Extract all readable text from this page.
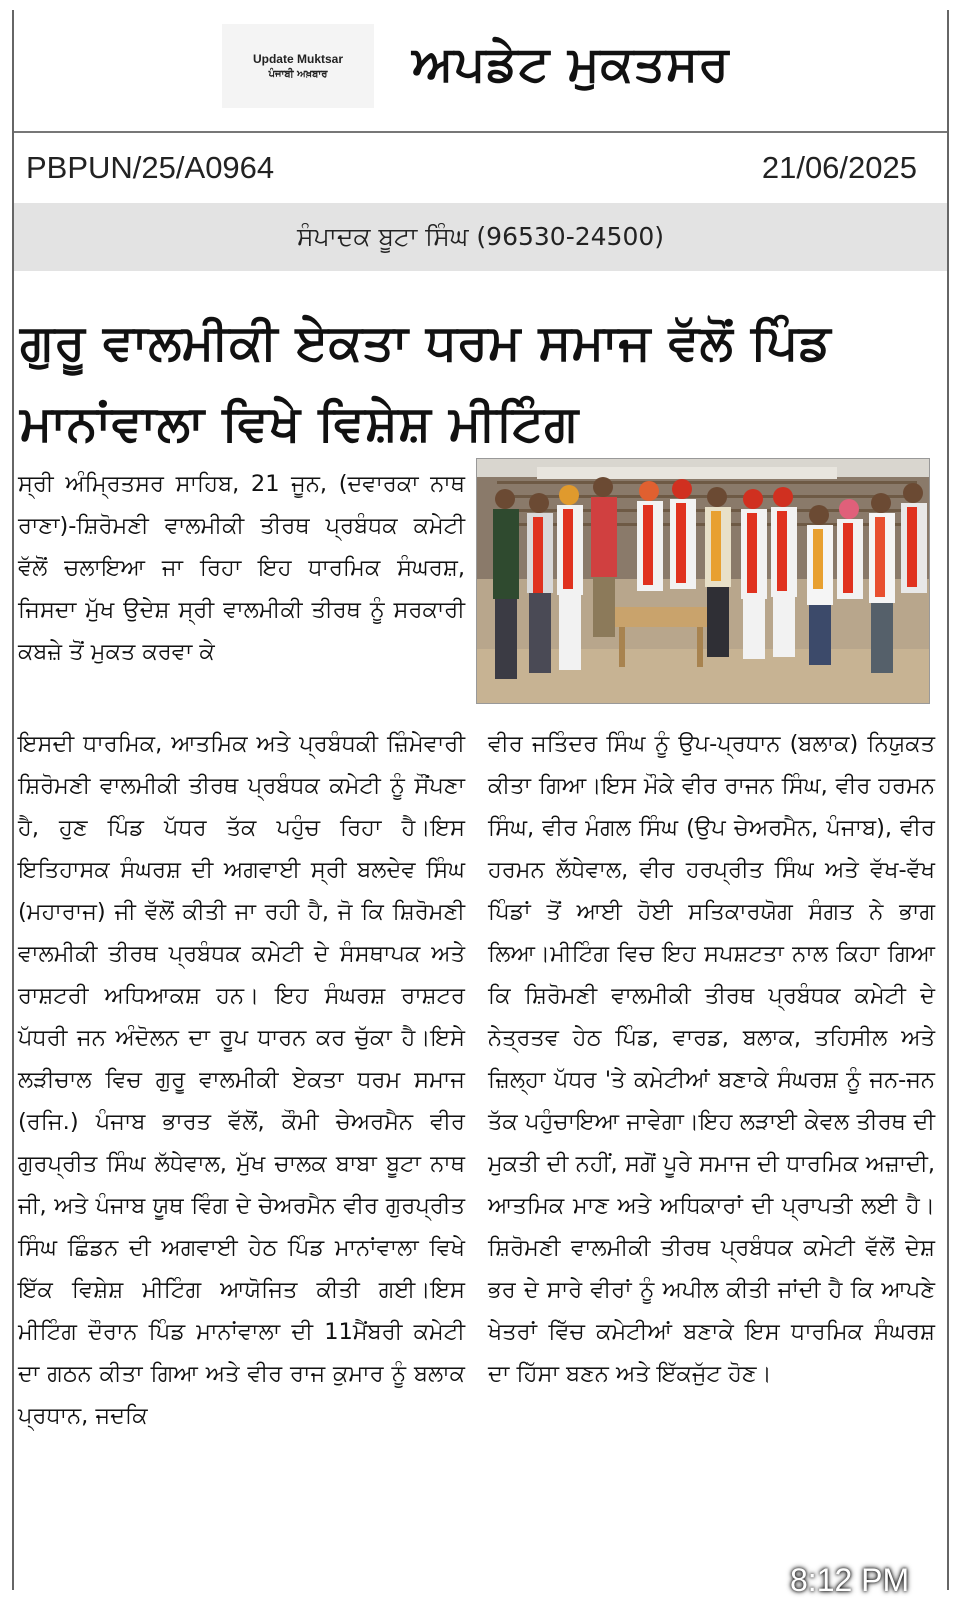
Update Muktsar
ਪੰਜਾਬੀ ਅਖ਼ਬਾਰ ਅਪਡੇਟ ਮੁਕਤਸਰ
PBPUN/25/A0964	21/06/2025
ਸੰਪਾਦਕ ਬੂਟਾ ਸਿੰਘ (96530-24500)
ਗੁਰੂ ਵਾਲਮੀਕੀ ਏਕਤਾ ਧਰਮ ਸਮਾਜ ਵੱਲੋਂ ਪਿੰਡ ਮਾਨਾਂਵਾਲਾ ਵਿਖੇ ਵਿਸ਼ੇਸ਼ ਮੀਟਿੰਗ
ਸ੍ਰੀ ਅੰਮ੍ਰਿਤਸਰ ਸਾਹਿਬ, 21 ਜੂਨ, (ਦਵਾਰਕਾ ਨਾਥ ਰਾਣਾ)-ਸ਼ਿਰੋਮਣੀ ਵਾਲਮੀਕੀ ਤੀਰਥ ਪ੍ਰਬੰਧਕ ਕਮੇਟੀ ਵੱਲੋਂ ਚਲਾਇਆ ਜਾ ਰਿਹਾ ਇਹ ਧਾਰਮਿਕ ਸੰਘਰਸ਼, ਜਿਸਦਾ ਮੁੱਖ ਉਦੇਸ਼ ਸ੍ਰੀ ਵਾਲਮੀਕੀ ਤੀਰਥ ਨੂੰ ਸਰਕਾਰੀ ਕਬਜ਼ੇ ਤੋਂ ਮੁਕਤ ਕਰਵਾ ਕੇ
ਇਸਦੀ ਧਾਰਮਿਕ, ਆਤਮਿਕ ਅਤੇ ਪ੍ਰਬੰਧਕੀ ਜ਼ਿੰਮੇਵਾਰੀ ਸ਼ਿਰੋਮਣੀ ਵਾਲਮੀਕੀ ਤੀਰਥ ਪ੍ਰਬੰਧਕ ਕਮੇਟੀ ਨੂੰ ਸੌਂਪਣਾ ਹੈ, ਹੁਣ ਪਿੰਡ ਪੱਧਰ ਤੱਕ ਪਹੁੰਚ ਰਿਹਾ ਹੈ।ਇਸ ਇਤਿਹਾਸਕ ਸੰਘਰਸ਼ ਦੀ ਅਗਵਾਈ ਸ੍ਰੀ ਬਲਦੇਵ ਸਿੰਘ (ਮਹਾਰਾਜ) ਜੀ ਵੱਲੋਂ ਕੀਤੀ ਜਾ ਰਹੀ ਹੈ, ਜੋ ਕਿ ਸ਼ਿਰੋਮਣੀ ਵਾਲਮੀਕੀ ਤੀਰਥ ਪ੍ਰਬੰਧਕ ਕਮੇਟੀ ਦੇ ਸੰਸਥਾਪਕ ਅਤੇ ਰਾਸ਼ਟਰੀ ਅਧਿਆਕਸ਼ ਹਨ। ਇਹ ਸੰਘਰਸ਼ ਰਾਸ਼ਟਰ ਪੱਧਰੀ ਜਨ ਅੰਦੋਲਨ ਦਾ ਰੂਪ ਧਾਰਨ ਕਰ ਚੁੱਕਾ ਹੈ।ਇਸੇ ਲੜੀਚਾਲ ਵਿਚ ਗੁਰੂ ਵਾਲਮੀਕੀ ਏਕਤਾ ਧਰਮ ਸਮਾਜ (ਰਜਿ.) ਪੰਜਾਬ ਭਾਰਤ ਵੱਲੋਂ, ਕੌਮੀ ਚੇਅਰਮੈਨ ਵੀਰ ਗੁਰਪ੍ਰੀਤ ਸਿੰਘ ਲੱਧੇਵਾਲ, ਮੁੱਖ ਚਾਲਕ ਬਾਬਾ ਬੂਟਾ ਨਾਥ ਜੀ, ਅਤੇ ਪੰਜਾਬ ਯੂਥ ਵਿੰਗ ਦੇ ਚੇਅਰਮੈਨ ਵੀਰ ਗੁਰਪ੍ਰੀਤ ਸਿੰਘ ਛਿੰਡਨ ਦੀ ਅਗਵਾਈ ਹੇਠ ਪਿੰਡ ਮਾਨਾਂਵਾਲਾ ਵਿਖੇ ਇੱਕ ਵਿਸ਼ੇਸ਼ ਮੀਟਿੰਗ ਆਯੋਜਿਤ ਕੀਤੀ ਗਈ।ਇਸ ਮੀਟਿੰਗ ਦੌਰਾਨ ਪਿੰਡ ਮਾਨਾਂਵਾਲਾ ਦੀ 11ਮੈਂਬਰੀ ਕਮੇਟੀ ਦਾ ਗਠਨ ਕੀਤਾ ਗਿਆ ਅਤੇ ਵੀਰ ਰਾਜ ਕੁਮਾਰ ਨੂੰ ਬਲਾਕ ਪ੍ਰਧਾਨ, ਜਦਕਿ
ਵੀਰ ਜਤਿੰਦਰ ਸਿੰਘ ਨੂੰ ਉਪ-ਪ੍ਰਧਾਨ (ਬਲਾਕ) ਨਿਯੁਕਤ ਕੀਤਾ ਗਿਆ।ਇਸ ਮੌਕੇ ਵੀਰ ਰਾਜਨ ਸਿੰਘ, ਵੀਰ ਹਰਮਨ ਸਿੰਘ, ਵੀਰ ਮੰਗਲ ਸਿੰਘ (ਉਪ ਚੇਅਰਮੈਨ, ਪੰਜਾਬ), ਵੀਰ ਹਰਮਨ ਲੱਧੇਵਾਲ, ਵੀਰ ਹਰਪ੍ਰੀਤ ਸਿੰਘ ਅਤੇ ਵੱਖ-ਵੱਖ ਪਿੰਡਾਂ ਤੋਂ ਆਈ ਹੋਈ ਸਤਿਕਾਰਯੋਗ ਸੰਗਤ ਨੇ ਭਾਗ ਲਿਆ।ਮੀਟਿੰਗ ਵਿਚ ਇਹ ਸਪਸ਼ਟਤਾ ਨਾਲ ਕਿਹਾ ਗਿਆ ਕਿ ਸ਼ਿਰੋਮਣੀ ਵਾਲਮੀਕੀ ਤੀਰਥ ਪ੍ਰਬੰਧਕ ਕਮੇਟੀ ਦੇ ਨੇਤ੍ਰਤਵ ਹੇਠ ਪਿੰਡ, ਵਾਰਡ, ਬਲਾਕ, ਤਹਿਸੀਲ ਅਤੇ ਜ਼ਿਲ੍ਹਾ ਪੱਧਰ 'ਤੇ ਕਮੇਟੀਆਂ ਬਣਾਕੇ ਸੰਘਰਸ਼ ਨੂੰ ਜਨ-ਜਨ ਤੱਕ ਪਹੁੰਚਾਇਆ ਜਾਵੇਗਾ।ਇਹ ਲੜਾਈ ਕੇਵਲ ਤੀਰਥ ਦੀ ਮੁਕਤੀ ਦੀ ਨਹੀਂ, ਸਗੋਂ ਪੂਰੇ ਸਮਾਜ ਦੀ ਧਾਰਮਿਕ ਅਜ਼ਾਦੀ, ਆਤਮਿਕ ਮਾਣ ਅਤੇ ਅਧਿਕਾਰਾਂ ਦੀ ਪ੍ਰਾਪਤੀ ਲਈ ਹੈ।ਸ਼ਿਰੋਮਣੀ ਵਾਲਮੀਕੀ ਤੀਰਥ ਪ੍ਰਬੰਧਕ ਕਮੇਟੀ ਵੱਲੋਂ ਦੇਸ਼ ਭਰ ਦੇ ਸਾਰੇ ਵੀਰਾਂ ਨੂੰ ਅਪੀਲ ਕੀਤੀ ਜਾਂਦੀ ਹੈ ਕਿ ਆਪਣੇ ਖੇਤਰਾਂ ਵਿੱਚ ਕਮੇਟੀਆਂ ਬਣਾਕੇ ਇਸ ਧਾਰਮਿਕ ਸੰਘਰਸ਼ ਦਾ ਹਿੱਸਾ ਬਣਨ ਅਤੇ ਇੱਕਜੁੱਟ ਹੋਣ।
8:12 PM
